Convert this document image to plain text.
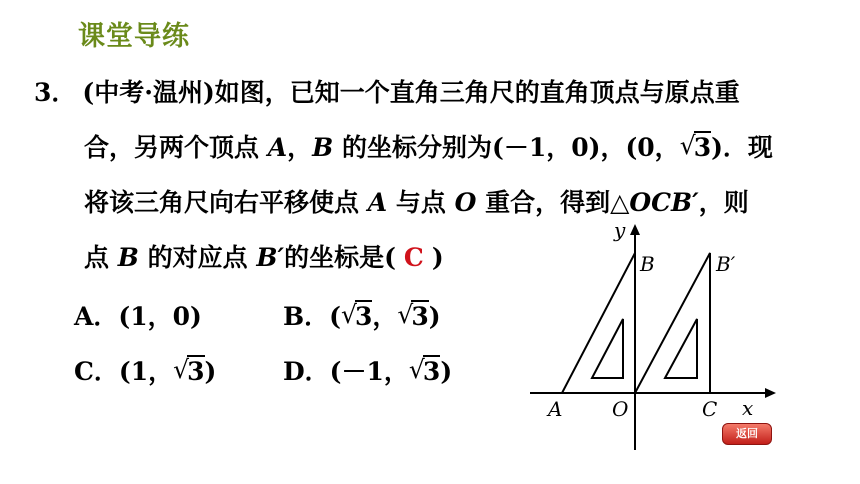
课堂导练
3． (中考·温州)如图，已知一个直角三角尺的直角顶点与原点重
合，另两个顶点 A，B 的坐标分别为(－1，0)，(0， √ 3)．现
将该三角尺向右平移使点 A 与点 O 重合，得到△OCB′，则
点 B 的对应点 B′的坐标是( C )
A．(1，0)	B．( √ 3， √ 3)
C．(1， √ 3)	D．(－1， √ 3)
y
x
A O	C
B	B′
返回
